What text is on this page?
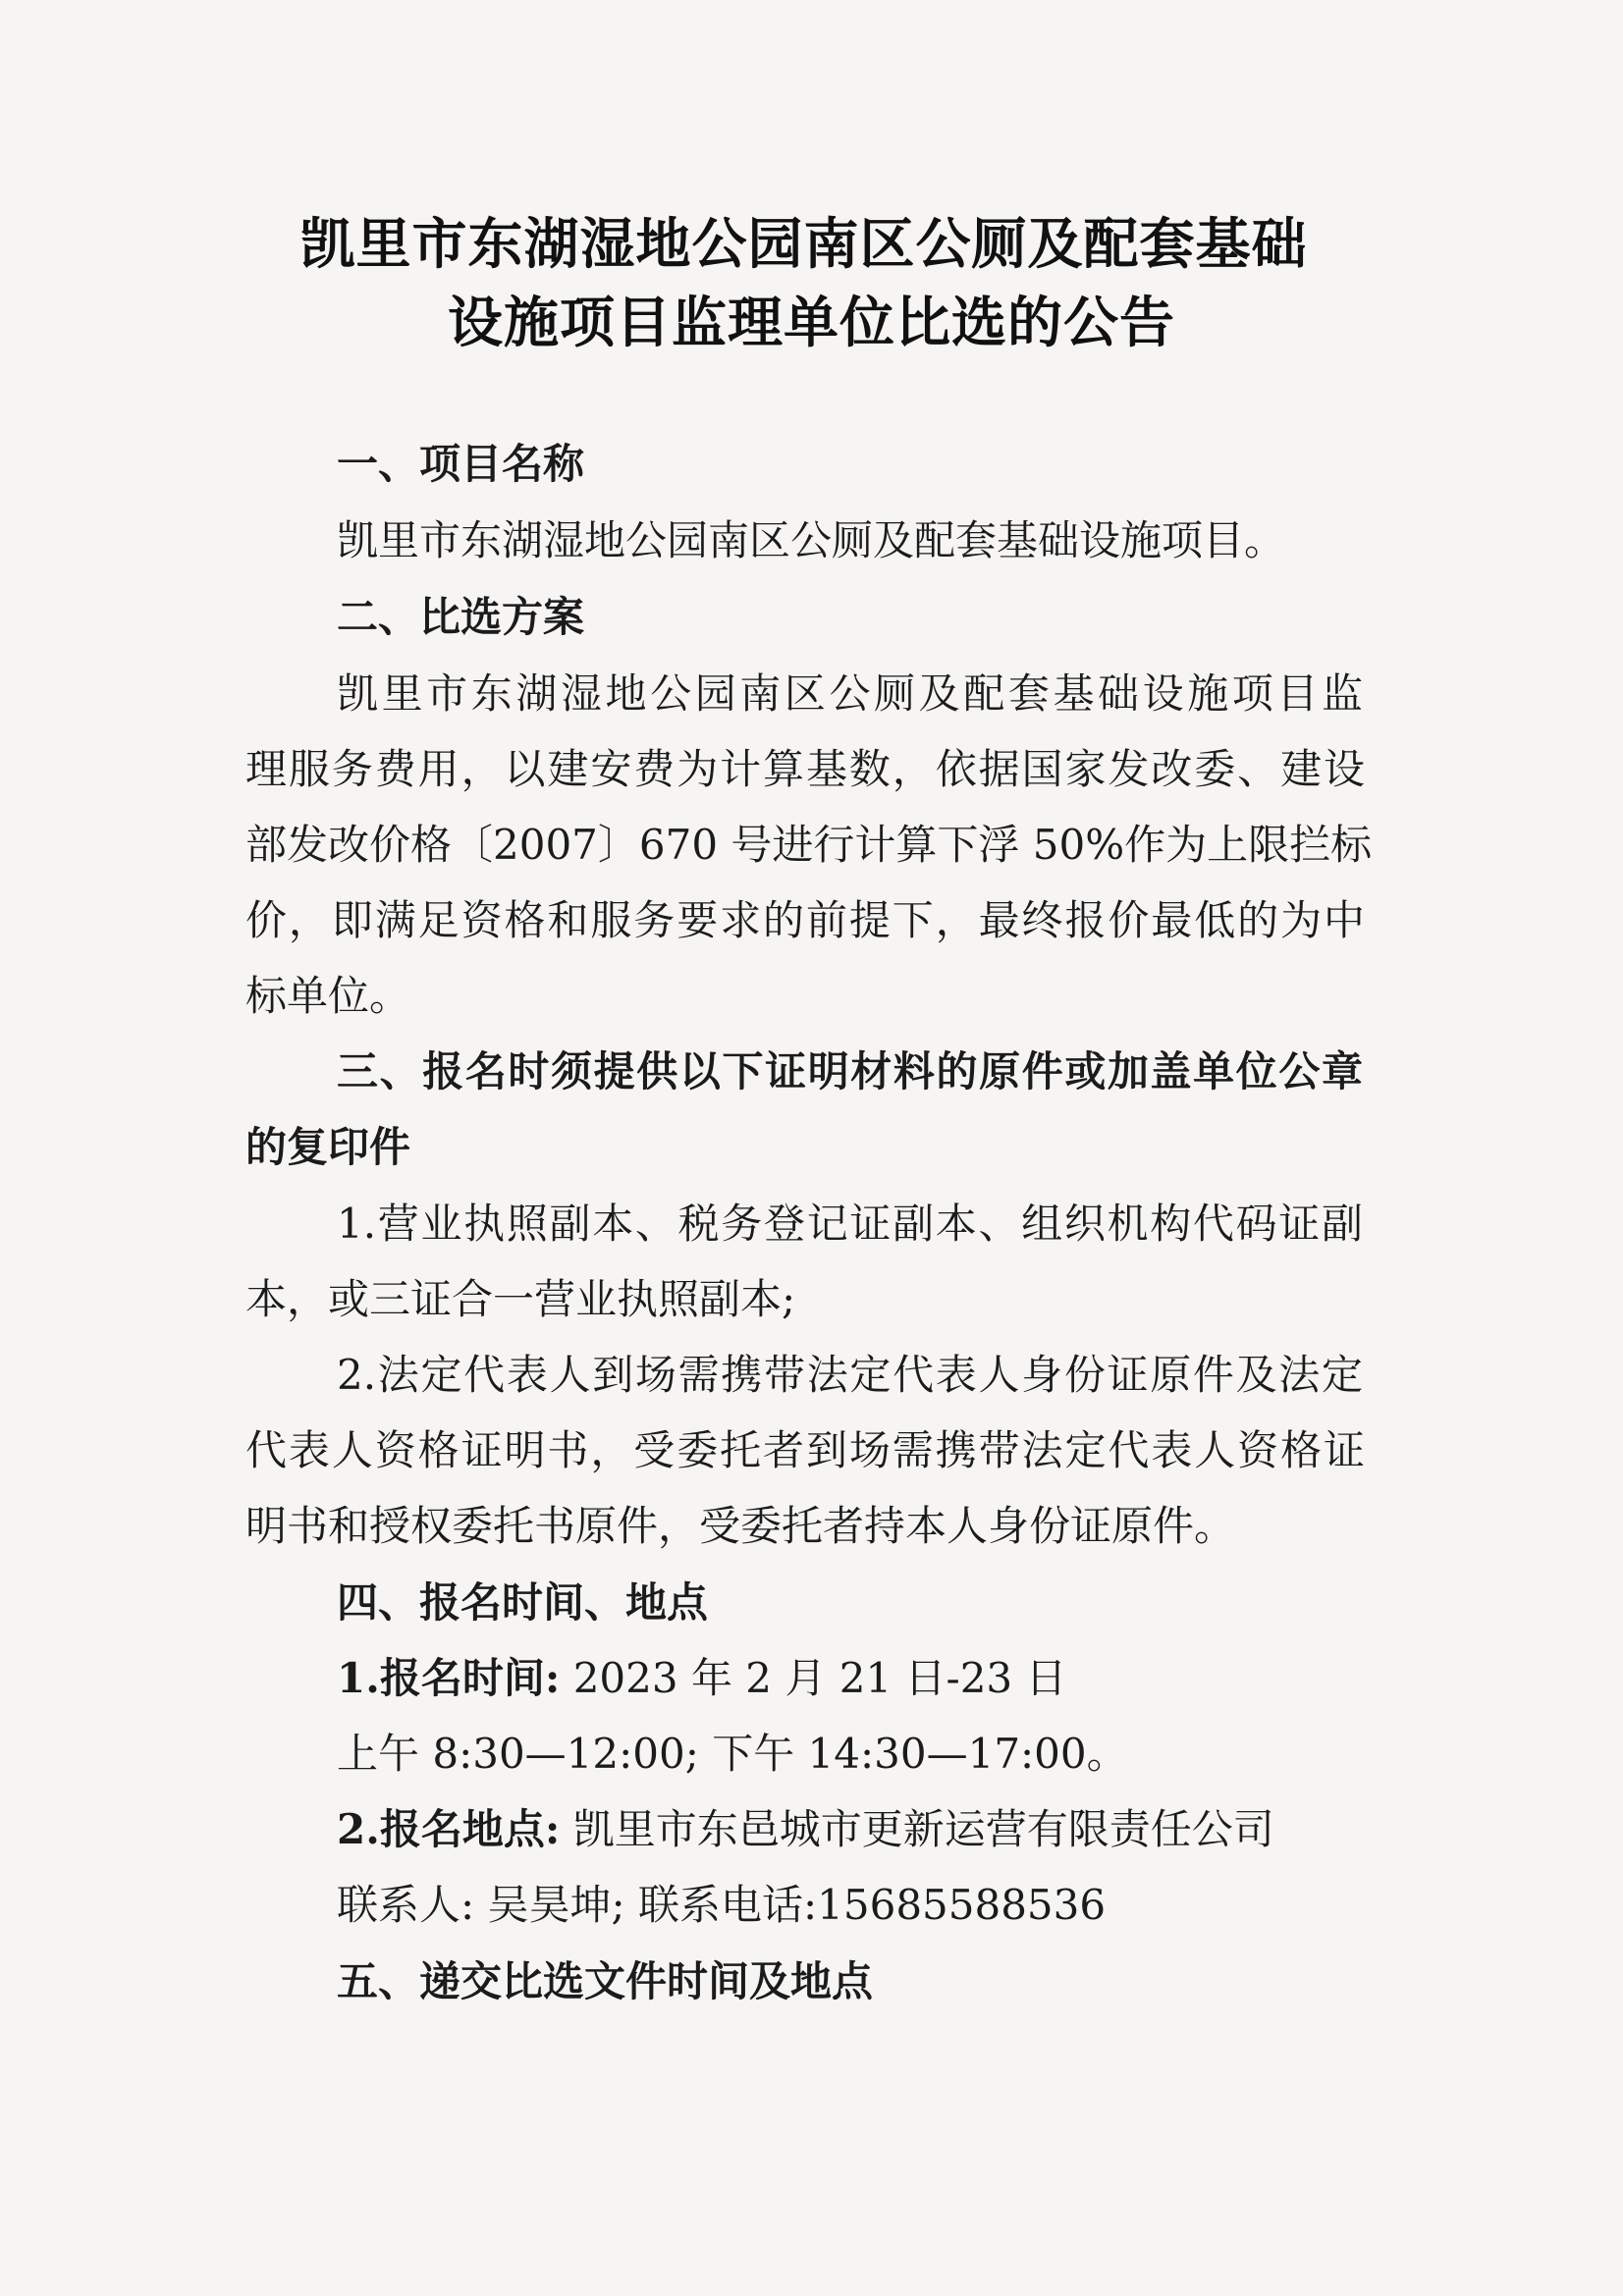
凯里市东湖湿地公园南区公厕及配套基础
设施项目监理单位比选的公告
一、项目名称
凯里市东湖湿地公园南区公厕及配套基础设施项目。
二、比选方案
凯里市东湖湿地公园南区公厕及配套基础设施项目监
理服务费用，以建安费为计算基数，依据国家发改委、建设
部发改价格〔2007〕670 号进行计算下浮 50%作为上限拦标
价，即满足资格和服务要求的前提下，最终报价最低的为中
标单位。
三、报名时须提供以下证明材料的原件或加盖单位公章
的复印件
1.营业执照副本、税务登记证副本、组织机构代码证副
本，或三证合一营业执照副本;
2.法定代表人到场需携带法定代表人身份证原件及法定
代表人资格证明书，受委托者到场需携带法定代表人资格证
明书和授权委托书原件，受委托者持本人身份证原件。
四、报名时间、地点
1.报名时间: 2023 年 2 月 21 日-23 日
上午 8:30—12:00; 下午 14:30—17:00。
2.报名地点: 凯里市东邑城市更新运营有限责任公司
联系人: 吴昊坤; 联系电话:15685588536
五、递交比选文件时间及地点
